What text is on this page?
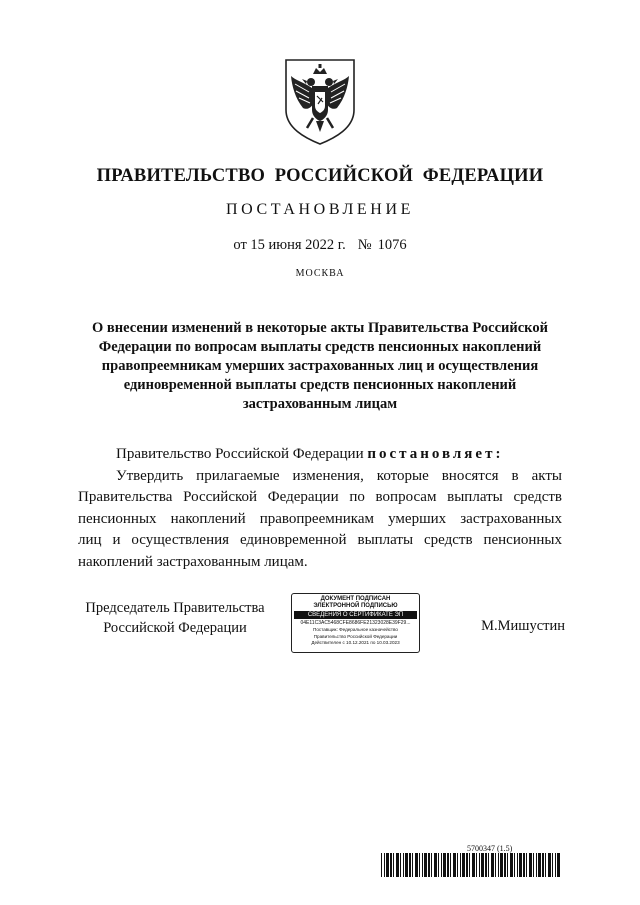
ПРАВИТЕЛЬСТВО  РОССИЙСКОЙ  ФЕДЕРАЦИИ
ПОСТАНОВЛЕНИЕ
от 15 июня 2022 г. № 1076
МОСКВА
О внесении изменений в некоторые акты Правительства Российской
Федерации по вопросам выплаты средств пенсионных накоплений
правопреемникам умерших застрахованных лиц и осуществления
единовременной выплаты средств пенсионных накоплений
застрахованным лицам
Правительство Российской Федерации постановляет:
Утвердить прилагаемые изменения, которые вносятся в акты
Правительства Российской Федерации по вопросам выплаты средств
пенсионных накоплений правопреемникам умерших застрахованных
лиц и осуществления единовременной выплаты средств пенсионных
накоплений застрахованным лицам.
Председатель Правительства
Российской Федерации
ДОКУМЕНТ ПОДПИСАН
ЭЛЕКТРОННОЙ ПОДПИСЬЮ
СВЕДЕНИЯ О СЕРТИФИКАТЕ ЭП
04E11C3AC5468CFE8686FE21323028E39F29...
Поставщик: Федеральное казначейство
Правительство Российской Федерации
Действителен с 10.12.2021 по 10.03.2023
М.Мишустин
5700347 (1.5)
